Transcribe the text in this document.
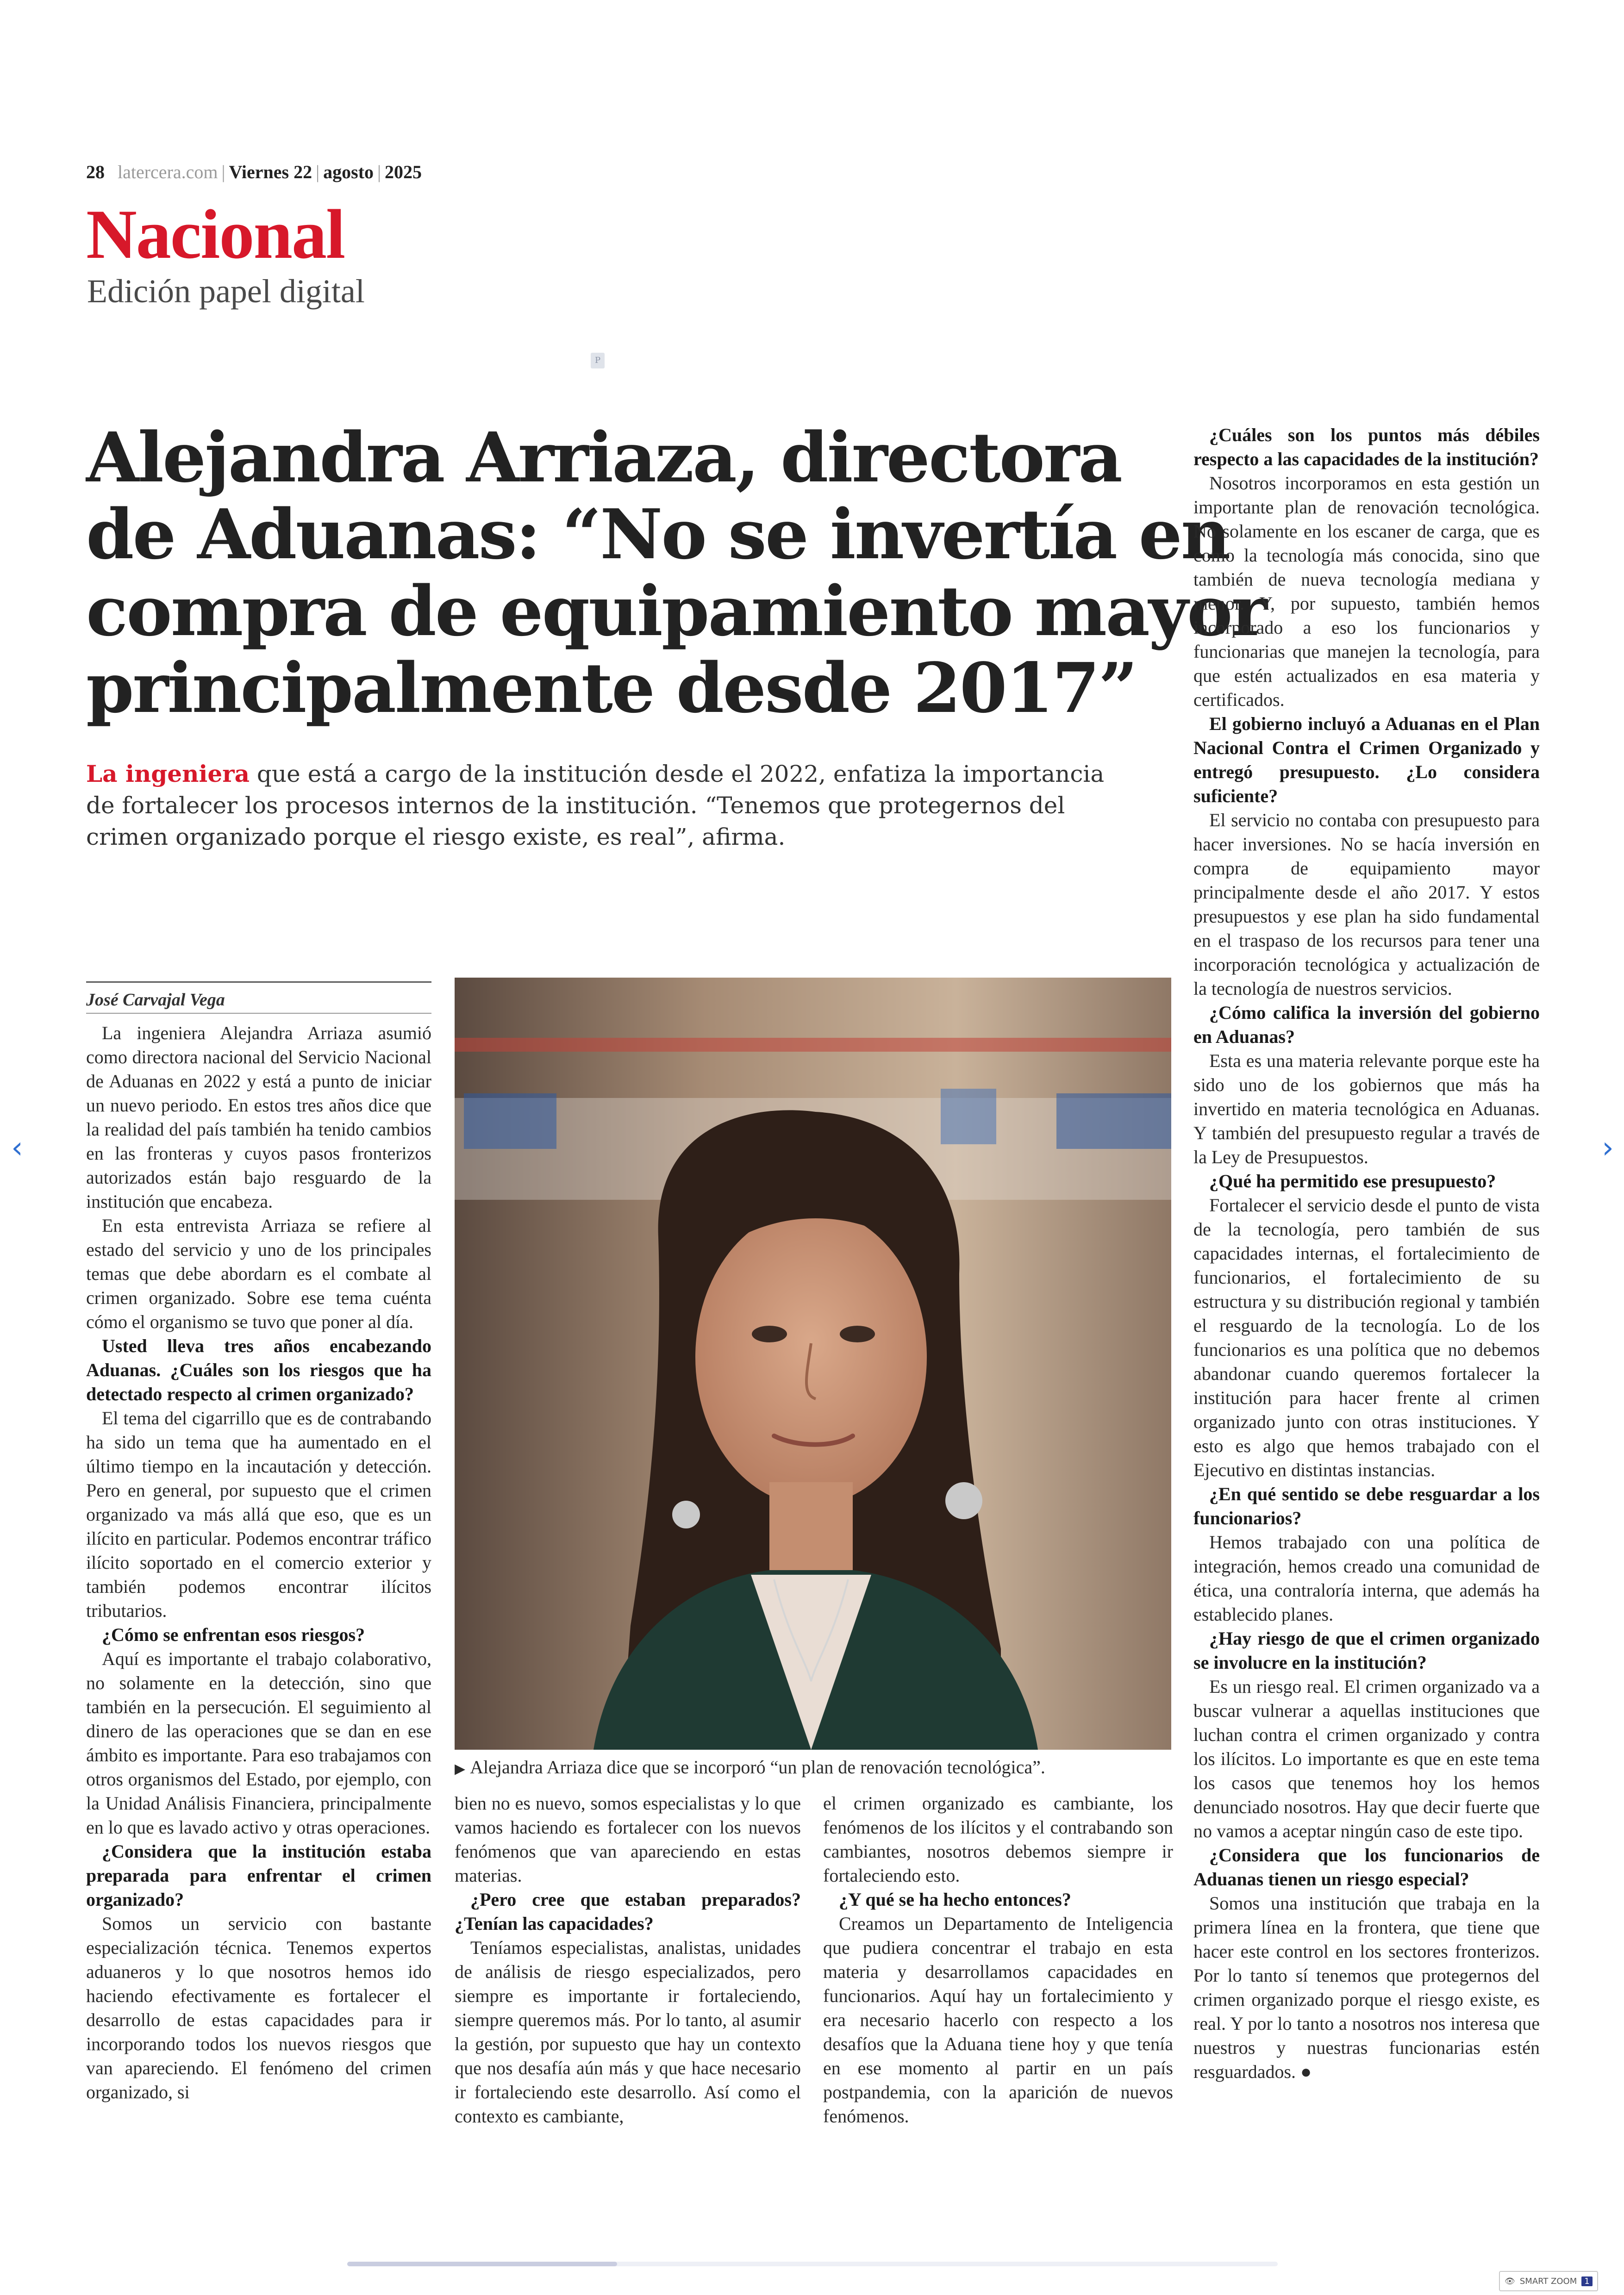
28 latercera.com | Viernes 22 | agosto | 2025
Nacional
Edición papel digital
P
Alejandra Arriaza, directora
de Aduanas: “No se invertía en
compra de equipamiento mayor
principalmente desde 2017”
La ingeniera que está a cargo de la institución desde el 2022, enfatiza la importancia
de fortalecer los procesos internos de la institución. “Tenemos que protegernos del
crimen organizado porque el riesgo existe, es real”, afirma.
José Carvajal Vega

La ingeniera Alejandra Arriaza asumió como directora nacional del Servicio Nacional de Aduanas en 2022 y está a punto de iniciar un nuevo periodo. En estos tres años dice que la realidad del país también ha tenido cambios en las fronteras y cuyos pasos fronterizos autorizados están bajo resguardo de la institución que encabeza.

En esta entrevista Arriaza se refiere al estado del servicio y uno de los principales temas que debe abordarn es el combate al crimen organizado. Sobre ese tema cuénta cómo el organismo se tuvo que poner al día.

Usted lleva tres años encabezando Aduanas. ¿Cuáles son los riesgos que ha detectado respecto al crimen organizado?

El tema del cigarrillo que es de contrabando ha sido un tema que ha aumentado en el último tiempo en la incautación y detección. Pero en general, por supuesto que el crimen organizado va más allá que eso, que es un ilícito en particular. Podemos encontrar tráfico ilícito soportado en el comercio exterior y también podemos encontrar ilícitos tributarios.

¿Cómo se enfrentan esos riesgos?

Aquí es importante el trabajo colaborativo, no solamente en la detección, sino que también en la persecución. El seguimiento al dinero de las operaciones que se dan en ese ámbito es importante. Para eso trabajamos con otros organismos del Estado, por ejemplo, con la Unidad Análisis Financiera, principalmente en lo que es lavado activo y otras operaciones.

¿Considera que la institución estaba preparada para enfrentar el crimen organizado?

Somos un servicio con bastante especialización técnica. Tenemos expertos aduaneros y lo que nosotros hemos ido haciendo efectivamente es fortalecer el desarrollo de estas capacidades para ir incorporando todos los nuevos riesgos que van apareciendo. El fenómeno del crimen organizado, si

bien no es nuevo, somos especialistas y lo que vamos haciendo es fortalecer con los nuevos fenómenos que van apareciendo en estas materias.

¿Pero cree que estaban preparados? ¿Tenían las capacidades?

Teníamos especialistas, analistas, unidades de análisis de riesgo especializados, pero siempre es importante ir fortaleciendo, siempre queremos más. Por lo tanto, al asumir la gestión, por supuesto que hay un contexto que nos desafía aún más y que hace necesario ir fortaleciendo este desarrollo. Así como el contexto es cambiante,

el crimen organizado es cambiante, los fenómenos de los ilícitos y el contrabando son cambiantes, nosotros debemos siempre ir fortaleciendo esto.

¿Y qué se ha hecho entonces?

Creamos un Departamento de Inteligencia que pudiera concentrar el trabajo en esta materia y desarrollamos capacidades en funcionarios. Aquí hay un fortalecimiento y era necesario hacerlo con respecto a los desafíos que la Aduana tiene hoy y que tenía en ese momento al partir en un país postpandemia, con la aparición de nuevos fenómenos.

¿Cuáles son los puntos más débiles respecto a las capacidades de la institución?

Nosotros incorporamos en esta gestión un importante plan de renovación tecnológica. No solamente en los escaner de carga, que es como la tecnología más conocida, sino que también de nueva tecnología mediana y menor. Y, por supuesto, también hemos incorporado a eso los funcionarios y funcionarias que manejen la tecnología, para que estén actualizados en esa materia y certificados.

El gobierno incluyó a Aduanas en el Plan Nacional Contra el Crimen Organizado y entregó presupuesto. ¿Lo considera suficiente?

El servicio no contaba con presupuesto para hacer inversiones. No se hacía inversión en compra de equipamiento mayor principalmente desde el año 2017. Y estos presupuestos y ese plan ha sido fundamental en el traspaso de los recursos para tener una incorporación tecnológica y actualización de la tecnología de nuestros servicios.

¿Cómo califica la inversión del gobierno en Aduanas?

Esta es una materia relevante porque este ha sido uno de los gobiernos que más ha invertido en materia tecnológica en Aduanas. Y también del presupuesto regular a través de la Ley de Presupuestos.

¿Qué ha permitido ese presupuesto?

Fortalecer el servicio desde el punto de vista de la tecnología, pero también de sus capacidades internas, el fortalecimiento de funcionarios, el fortalecimiento de su estructura y su distribución regional y también el resguardo de la tecnología. Lo de los funcionarios es una política que no debemos abandonar cuando queremos fortalecer la institución para hacer frente al crimen organizado junto con otras instituciones. Y esto es algo que hemos trabajado con el Ejecutivo en distintas instancias.

¿En qué sentido se debe resguardar a los funcionarios?

Hemos trabajado con una política de integración, hemos creado una comunidad de ética, una contraloría interna, que además ha establecido planes.

¿Hay riesgo de que el crimen organizado se involucre en la institución?

Es un riesgo real. El crimen organizado va a buscar vulnerar a aquellas instituciones que luchan contra el crimen organizado y contra los ilícitos. Lo importante es que en este tema los casos que tenemos hoy los hemos denunciado nosotros. Hay que decir fuerte que no vamos a aceptar ningún caso de este tipo.

¿Considera que los funcionarios de Aduanas tienen un riesgo especial?

Somos una institución que trabaja en la primera línea en la frontera, que tiene que hacer este control en los sectores fronterizos. Por lo tanto sí tenemos que protegernos del crimen organizado porque el riesgo existe, es real. Y por lo tanto a nosotros nos interesa que nuestros y nuestras funcionarias estén resguardados. ●

▶ Alejandra Arriaza dice que se incorporó “un plan de renovación tecnológica”.
‹	›
👁 SMART ZOOM 1
